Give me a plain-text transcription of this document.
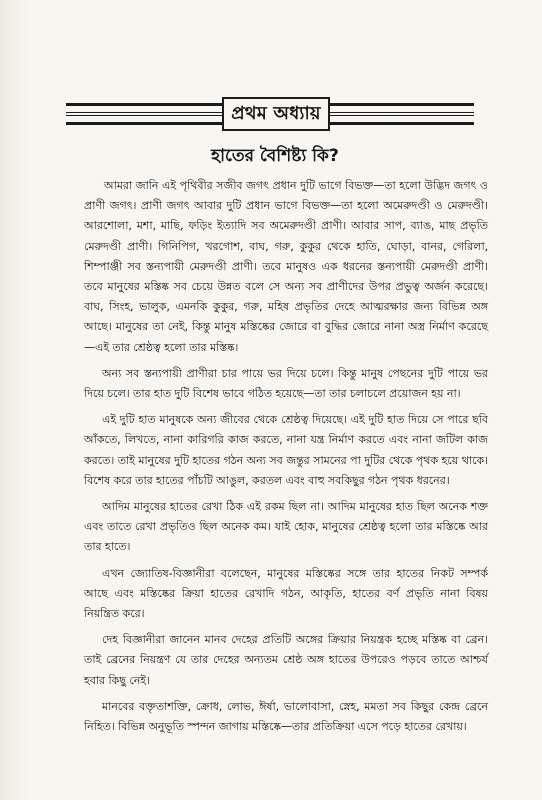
প্রথম অধ্যায়
হাতের বৈশিষ্ট্য কি?

আমরা জানি এই পৃথিবীর সজীব জগৎ প্রধান দুটি ভাগে বিভক্ত—তা হলো উদ্ভিদ জগৎ ও প্রাণী জগৎ। প্রাণী জগৎ আবার দুটি প্রধান ভাগে বিভক্ত—তা হলো অমেরুদণ্ডী ও মেরুদণ্ডী। আরশোলা, মশা, মাছি, ফড়িং ইত্যাদি সব অমেরুদণ্ডী প্রাণী। আবার সাপ, ব্যাঙ, মাছ প্রভৃতি মেরুদণ্ডী প্রাণী। গিনিপিগ, খরগোশ, বাঘ, গরু, কুকুর থেকে হাতি, ঘোড়া, বানর, গেরিলা, শিম্পাঞ্জী সব স্তন্যপায়ী মেরুদণ্ডী প্রাণী। তবে মানুষও এক ধরনের স্তন্যপায়ী মেরুদণ্ডী প্রাণী। তবে মানুষের মস্তিষ্ক সব চেয়ে উন্নত বলে সে অন্য সব প্রাণীদের উপর প্রভুত্ব অর্জন করেছে। বাঘ, সিংহ, ভালুক, এমনকি কুকুর, গরু, মহিষ প্রভৃতির দেহে আত্মরক্ষার জন্য বিভিন্ন অঙ্গ আছে। মানুষের তা নেই, কিন্তু মানুষ মস্তিষ্কের জোরে বা বুদ্ধির জোরে নানা অস্ত্র নির্মাণ করেছে—এই তার শ্রেষ্ঠত্ব হলো তার মস্তিষ্ক।

অন্য সব স্তন্যপায়ী প্রাণীরা চার পায়ে ভর দিয়ে চলে। কিন্তু মানুষ পেছনের দুটি পায়ে ভর দিয়ে চলে। তার হাত দুটি বিশেষ ভাবে গঠিত হয়েছে—তা তার চলাচলে প্রয়োজন হয় না।

এই দুটি হাত মানুষকে অন্য জীবের থেকে শ্রেষ্ঠত্ব দিয়েছে। এই দুটি হাত দিয়ে সে পারে ছবি আঁকতে, লিখতে, নানা কারিগরি কাজ করতে, নানা যন্ত্র নির্মাণ করতে এবং নানা জটিল কাজ করতে। তাই মানুষের দুটি হাতের গঠন অন্য সব জন্তুর সামনের পা দুটির থেকে পৃথক হয়ে থাকে। বিশেষ করে তার হাতের পাঁচটি আঙুল, করতল এবং বাহু সবকিছুর গঠন পৃথক ধরনের।

আদিম মানুষের হাতের রেখা ঠিক এই রকম ছিল না। আদিম মানুষের হাত ছিল অনেক শক্ত এবং তাতে রেখা প্রভৃতিও ছিল অনেক কম। যাই হোক, মানুষের শ্রেষ্ঠত্ব হলো তার মস্তিষ্কে আর তার হাতে।

এখন জ্যোতিষ-বিজ্ঞানীরা বলেছেন, মানুষের মস্তিষ্কের সঙ্গে তার হাতের নিকট সম্পর্ক আছে এবং মস্তিষ্কের ক্রিয়া হাতের রেখাদি গঠন, আকৃতি, হাতের বর্ণ প্রভৃতি নানা বিষয় নিয়ন্ত্রিত করে।

দেহ বিজ্ঞানীরা জানেন মানব দেহের প্রতিটি অঙ্গের ক্রিয়ার নিয়ন্ত্রক হচ্ছে মস্তিষ্ক বা ব্রেন। তাই ব্রেনের নিয়ন্ত্রণ যে তার দেহের অন্যতম শ্রেষ্ঠ অঙ্গ হাতের উপরেও পড়বে তাতে আশ্চর্য হবার কিছু নেই।

মানবের বক্তৃতাশক্তি, ক্রোধ, লোভ, ঈর্ষা, ভালোবাসা, স্নেহ, মমতা সব কিছুর কেন্দ্র ব্রেনে নিহিত। বিভিন্ন অনুভূতি স্পন্দন জাগায় মস্তিষ্কে—তার প্রতিক্রিয়া এসে পড়ে হাতের রেখায়।
